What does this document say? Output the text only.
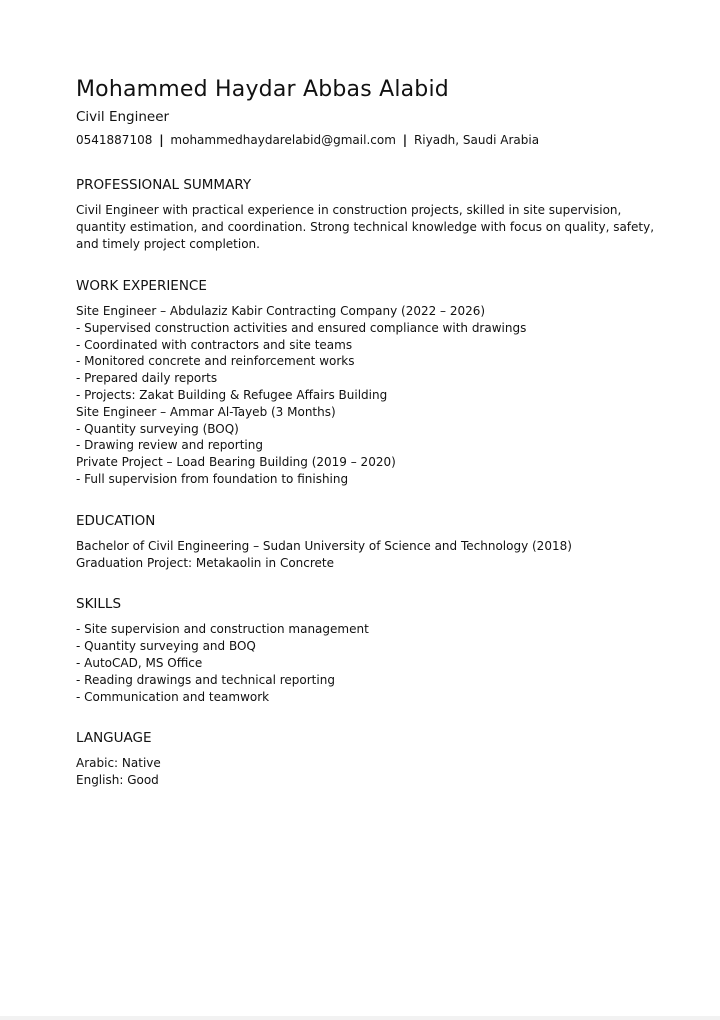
Mohammed Haydar Abbas Alabid
Civil Engineer
0541887108 | mohammedhaydarelabid@gmail.com | Riyadh, Saudi Arabia
PROFESSIONAL SUMMARY
Civil Engineer with practical experience in construction projects, skilled in site supervision, quantity estimation, and coordination. Strong technical knowledge with focus on quality, safety, and timely project completion.
WORK EXPERIENCE
Site Engineer – Abdulaziz Kabir Contracting Company (2022 – 2026)
- Supervised construction activities and ensured compliance with drawings
- Coordinated with contractors and site teams
- Monitored concrete and reinforcement works
- Prepared daily reports
- Projects: Zakat Building & Refugee Affairs Building
Site Engineer – Ammar Al-Tayeb (3 Months)
- Quantity surveying (BOQ)
- Drawing review and reporting
Private Project – Load Bearing Building (2019 – 2020)
- Full supervision from foundation to finishing
EDUCATION
Bachelor of Civil Engineering – Sudan University of Science and Technology (2018)
Graduation Project: Metakaolin in Concrete
SKILLS
- Site supervision and construction management
- Quantity surveying and BOQ
- AutoCAD, MS Office
- Reading drawings and technical reporting
- Communication and teamwork
LANGUAGE
Arabic: Native
English: Good
